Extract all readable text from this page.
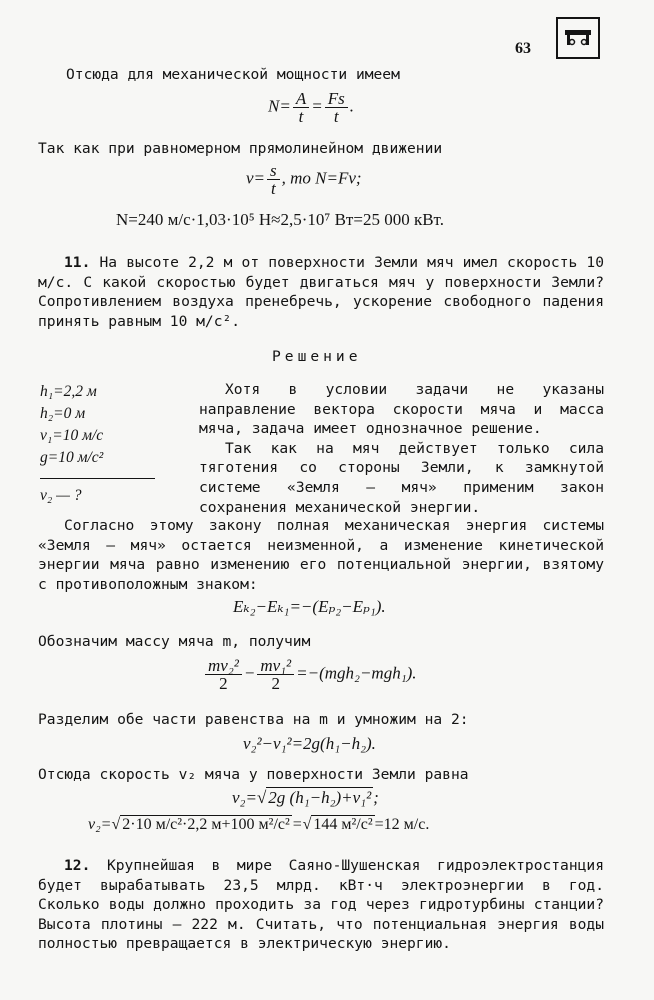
63
Отсюда для механической мощности имеем
$N= \frac{A}{t} = \frac{Fs}{t}$ .
Так как при равномерном прямолинейном движении
$v= \frac{s}{t}$ , то N=Fv;
N=240 м/с·1,03·10⁵ Н≈2,5·10⁷ Вт=25 000 кВт.

11. На высоте 2,2 м от поверхности Земли мяч имел скорость 10 м/с. С какой скоростью будет двигаться мяч у поверхности Земли? Сопротивлением воздуха пренебречь, ускорение свободного падения принять равным 10 м/с².

Решение
h₁=2,2 м
h₂=0 м
v₁=10 м/с
g=10 м/с²
v₂ — ?

Хотя в условии задачи не указаны направление вектора скорости мяча и масса мяча, задача имеет однозначное решение.

Так как на мяч действует только сила тяготения со стороны Земли, к замкнутой системе «Земля — мяч» применим закон сохранения механической энергии.

Согласно этому закону полная механическая энергия системы «Земля — мяч» остается неизменной, а изменение кинетической энергии мяча равно изменению его потенциальной энергии, взятому с противоположным знаком:

Eₖ₂−Eₖ₁=−(Eₚ₂−Eₚ₁).
Обозначим массу мяча m, получим
$\frac{\text{mv₂²}}{2} - \frac{\text{mv₁²}}{2} =-(mgh_2-mgh_1)$.
Разделим обе части равенства на m и умножим на 2:
v₂²−v₁²=2g(h₁−h₂).
Отсюда скорость v₂ мяча у поверхности Земли равна
v₂=√ 2g (h₁−h₂)+v₁² ;
v₂=√ 2·10 м/с²·2,2 м+100 м²/с² =√ 144 м²/с² =12 м/с.

12. Крупнейшая в мире Саяно-Шушенская гидроэлектростанция будет вырабатывать 23,5 млрд. кВт·ч электроэнергии в год. Сколько воды должно проходить за год через гидротурбины станции? Высота плотины — 222 м. Считать, что потенциальная энергия воды полностью превращается в электрическую энергию.
